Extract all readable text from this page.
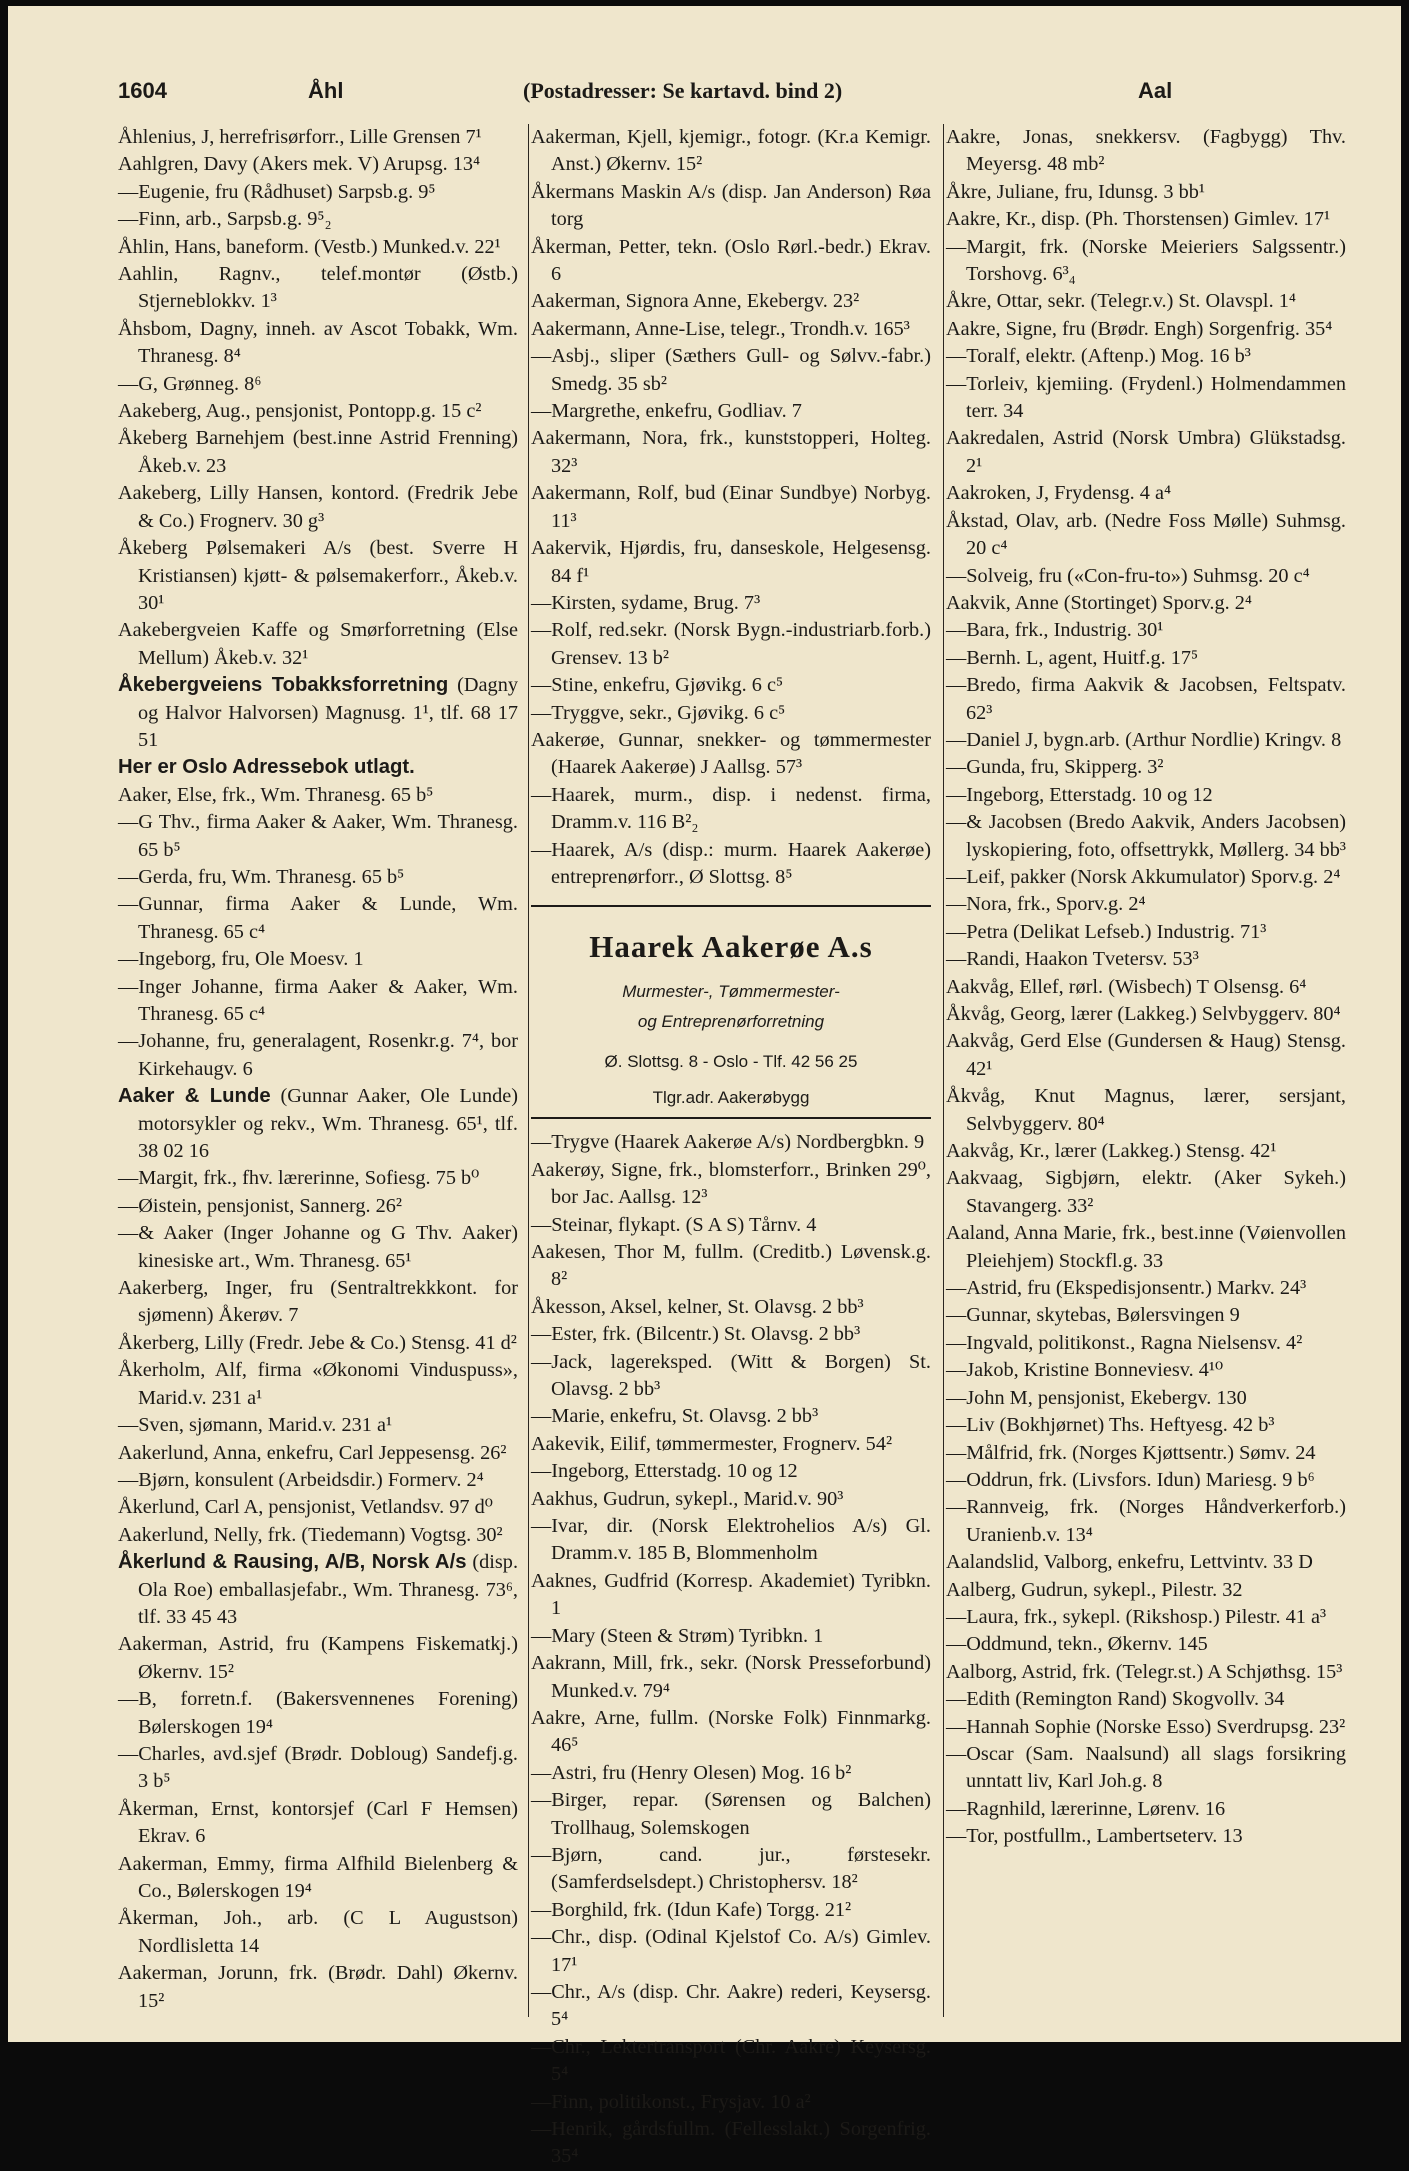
1604	Åhl	(Postadresser: Se kartavd. bind 2)	Aal

Åhlenius, J, herrefrisørforr., Lille Grensen 7¹

Aahlgren, Davy (Akers mek. V) Arupsg. 13⁴

—Eugenie, fru (Rådhuset) Sarpsb.g. 9⁵

—Finn, arb., Sarpsb.g. 9⁵₂

Åhlin, Hans, baneform. (Vestb.) Munked.v. 22¹

Aahlin, Ragnv., telef.montør (Østb.) Stjerneblokkv. 1³

Åhsbom, Dagny, inneh. av Ascot Tobakk, Wm. Thranesg. 8⁴

—G, Grønneg. 8⁶

Aakeberg, Aug., pensjonist, Pontopp.g. 15 c²

Åkeberg Barnehjem (best.inne Astrid Frenning) Åkeb.v. 23

Aakeberg, Lilly Hansen, kontord. (Fredrik Jebe & Co.) Frognerv. 30 g³

Åkeberg Pølsemakeri A/s (best. Sverre H Kristiansen) kjøtt- & pølsemakerforr., Åkeb.v. 30¹

Aakebergveien Kaffe og Smørforretning (Else Mellum) Åkeb.v. 32¹

Åkebergveiens Tobakksforretning (Dagny og Halvor Halvorsen) Magnusg. 1¹, tlf. 68 17 51

Her er Oslo Adressebok utlagt.

Aaker, Else, frk., Wm. Thranesg. 65 b⁵

—G Thv., firma Aaker & Aaker, Wm. Thranesg. 65 b⁵

—Gerda, fru, Wm. Thranesg. 65 b⁵

—Gunnar, firma Aaker & Lunde, Wm. Thranesg. 65 c⁴

—Ingeborg, fru, Ole Moesv. 1

—Inger Johanne, firma Aaker & Aaker, Wm. Thranesg. 65 c⁴

—Johanne, fru, generalagent, Rosenkr.g. 7⁴, bor Kirkehaugv. 6

Aaker & Lunde (Gunnar Aaker, Ole Lunde) motorsykler og rekv., Wm. Thranesg. 65¹, tlf. 38 02 16

—Margit, frk., fhv. lærerinne, Sofiesg. 75 b⁰

—Øistein, pensjonist, Sannerg. 26²

—& Aaker (Inger Johanne og G Thv. Aaker) kinesiske art., Wm. Thranesg. 65¹

Aakerberg, Inger, fru (Sentraltrekkkont. for sjømenn) Åkerøv. 7

Åkerberg, Lilly (Fredr. Jebe & Co.) Stensg. 41 d²

Åkerholm, Alf, firma «Økonomi Vinduspuss», Marid.v. 231 a¹

—Sven, sjømann, Marid.v. 231 a¹

Aakerlund, Anna, enkefru, Carl Jeppesensg. 26²

—Bjørn, konsulent (Arbeidsdir.) Formerv. 2⁴

Åkerlund, Carl A, pensjonist, Vetlandsv. 97 d⁰

Aakerlund, Nelly, frk. (Tiedemann) Vogtsg. 30²

Åkerlund & Rausing, A/B, Norsk A/s (disp. Ola Roe) emballasjefabr., Wm. Thranesg. 73⁶, tlf. 33 45 43

Aakerman, Astrid, fru (Kampens Fiskematkj.) Økernv. 15²

—B, forretn.f. (Bakersvennenes Forening) Bølerskogen 19⁴

—Charles, avd.sjef (Brødr. Dobloug) Sandefj.g. 3 b⁵

Åkerman, Ernst, kontorsjef (Carl F Hemsen) Ekrav. 6

Aakerman, Emmy, firma Alfhild Bielenberg & Co., Bølerskogen 19⁴

Åkerman, Joh., arb. (C L Augustson) Nordlisletta 14

Aakerman, Jorunn, frk. (Brødr. Dahl) Økernv. 15²

Aakerman, Kjell, kjemigr., fotogr. (Kr.a Kemigr. Anst.) Økernv. 15²

Åkermans Maskin A/s (disp. Jan Anderson) Røa torg

Åkerman, Petter, tekn. (Oslo Rørl.-bedr.) Ekrav. 6

Aakerman, Signora Anne, Ekebergv. 23²

Aakermann, Anne-Lise, telegr., Trondh.v. 165³

—Asbj., sliper (Sæthers Gull- og Sølvv.-fabr.) Smedg. 35 sb²

—Margrethe, enkefru, Godliav. 7

Aakermann, Nora, frk., kunststopperi, Holteg. 32³

Aakermann, Rolf, bud (Einar Sundbye) Norbyg. 11³

Aakervik, Hjørdis, fru, danseskole, Helgesensg. 84 f¹

—Kirsten, sydame, Brug. 7³

—Rolf, red.sekr. (Norsk Bygn.-industriarb.forb.) Grensev. 13 b²

—Stine, enkefru, Gjøvikg. 6 c⁵

—Tryggve, sekr., Gjøvikg. 6 c⁵

Aakerøe, Gunnar, snekker- og tømmermester (Haarek Aakerøe) J Aallsg. 57³

—Haarek, murm., disp. i nedenst. firma, Dramm.v. 116 B²₂

—Haarek, A/s (disp.: murm. Haarek Aakerøe) entreprenørforr., Ø Slottsg. 8⁵

Haarek Aakerøe A.s
Murmester-, Tømmermester-
og Entreprenørforretning
Ø. Slottsg. 8 - Oslo - Tlf. 42 56 25
Tlgr.adr. Aakerøbygg

—Trygve (Haarek Aakerøe A/s) Nordbergbkn. 9

Aakerøy, Signe, frk., blomsterforr., Brinken 29⁰, bor Jac. Aallsg. 12³

—Steinar, flykapt. (S A S) Tårnv. 4

Aakesen, Thor M, fullm. (Creditb.) Løvensk.g. 8²

Åkesson, Aksel, kelner, St. Olavsg. 2 bb³

—Ester, frk. (Bilcentr.) St. Olavsg. 2 bb³

—Jack, lagereksped. (Witt & Borgen) St. Olavsg. 2 bb³

—Marie, enkefru, St. Olavsg. 2 bb³

Aakevik, Eilif, tømmermester, Frognerv. 54²

—Ingeborg, Etterstadg. 10 og 12

Aakhus, Gudrun, sykepl., Marid.v. 90³

—Ivar, dir. (Norsk Elektrohelios A/s) Gl. Dramm.v. 185 B, Blommenholm

Aaknes, Gudfrid (Korresp. Akademiet) Tyribkn. 1

—Mary (Steen & Strøm) Tyribkn. 1

Aakrann, Mill, frk., sekr. (Norsk Presseforbund) Munked.v. 79⁴

Aakre, Arne, fullm. (Norske Folk) Finnmarkg. 46⁵

—Astri, fru (Henry Olesen) Mog. 16 b²

—Birger, repar. (Sørensen og Balchen) Trollhaug, Solemskogen

—Bjørn, cand. jur., førstesekr. (Samferdselsdept.) Christophersv. 18²

—Borghild, frk. (Idun Kafe) Torgg. 21²

—Chr., disp. (Odinal Kjelstof Co. A/s) Gimlev. 17¹

—Chr., A/s (disp. Chr. Aakre) rederi, Keysersg. 5⁴

—Chr., Lektertransport (Chr. Aakre) Keysersg. 5⁴

—Finn, politikonst., Frysjav. 10 a²

—Henrik, gårdsfullm. (Fellesslakt.) Sorgenfrig. 35⁴

Aakre, Jonas, snekkersv. (Fagbygg) Thv. Meyersg. 48 mb²

Åkre, Juliane, fru, Idunsg. 3 bb¹

Aakre, Kr., disp. (Ph. Thorstensen) Gimlev. 17¹

—Margit, frk. (Norske Meieriers Salgssentr.) Torshovg. 6³₄

Åkre, Ottar, sekr. (Telegr.v.) St. Olavspl. 1⁴

Aakre, Signe, fru (Brødr. Engh) Sorgenfrig. 35⁴

—Toralf, elektr. (Aftenp.) Mog. 16 b³

—Torleiv, kjemiing. (Frydenl.) Holmendammen terr. 34

Aakredalen, Astrid (Norsk Umbra) Glükstadsg. 2¹

Aakroken, J, Frydensg. 4 a⁴

Åkstad, Olav, arb. (Nedre Foss Mølle) Suhmsg. 20 c⁴

—Solveig, fru («Con-fru-to») Suhmsg. 20 c⁴

Aakvik, Anne (Stortinget) Sporv.g. 2⁴

—Bara, frk., Industrig. 30¹

—Bernh. L, agent, Huitf.g. 17⁵

—Bredo, firma Aakvik & Jacobsen, Feltspatv. 62³

—Daniel J, bygn.arb. (Arthur Nordlie) Kringv. 8

—Gunda, fru, Skipperg. 3²

—Ingeborg, Etterstadg. 10 og 12

—& Jacobsen (Bredo Aakvik, Anders Jacobsen) lyskopiering, foto, offsettrykk, Møllerg. 34 bb³

—Leif, pakker (Norsk Akkumulator) Sporv.g. 2⁴

—Nora, frk., Sporv.g. 2⁴

—Petra (Delikat Lefseb.) Industrig. 71³

—Randi, Haakon Tvetersv. 53³

Aakvåg, Ellef, rørl. (Wisbech) T Olsensg. 6⁴

Åkvåg, Georg, lærer (Lakkeg.) Selvbyggerv. 80⁴

Aakvåg, Gerd Else (Gundersen & Haug) Stensg. 42¹

Åkvåg, Knut Magnus, lærer, sersjant, Selvbyggerv. 80⁴

Aakvåg, Kr., lærer (Lakkeg.) Stensg. 42¹

Aakvaag, Sigbjørn, elektr. (Aker Sykeh.) Stavangerg. 33²

Aaland, Anna Marie, frk., best.inne (Vøienvollen Pleiehjem) Stockfl.g. 33

—Astrid, fru (Ekspedisjonsentr.) Markv. 24³

—Gunnar, skytebas, Bølersvingen 9

—Ingvald, politikonst., Ragna Nielsensv. 4²

—Jakob, Kristine Bonneviesv. 4¹⁰

—John M, pensjonist, Ekebergv. 130

—Liv (Bokhjørnet) Ths. Heftyesg. 42 b³

—Målfrid, frk. (Norges Kjøttsentr.) Sømv. 24

—Oddrun, frk. (Livsfors. Idun) Mariesg. 9 b⁶

—Rannveig, frk. (Norges Håndverkerforb.) Uranienb.v. 13⁴

Aalandslid, Valborg, enkefru, Lettvintv. 33 D

Aalberg, Gudrun, sykepl., Pilestr. 32

—Laura, frk., sykepl. (Rikshosp.) Pilestr. 41 a³

—Oddmund, tekn., Økernv. 145

Aalborg, Astrid, frk. (Telegr.st.) A Schjøthsg. 15³

—Edith (Remington Rand) Skogvollv. 34

—Hannah Sophie (Norske Esso) Sverdrupsg. 23²

—Oscar (Sam. Naalsund) all slags forsikring unntatt liv, Karl Joh.g. 8

—Ragnhild, lærerinne, Lørenv. 16

—Tor, postfullm., Lambertseterv. 13
